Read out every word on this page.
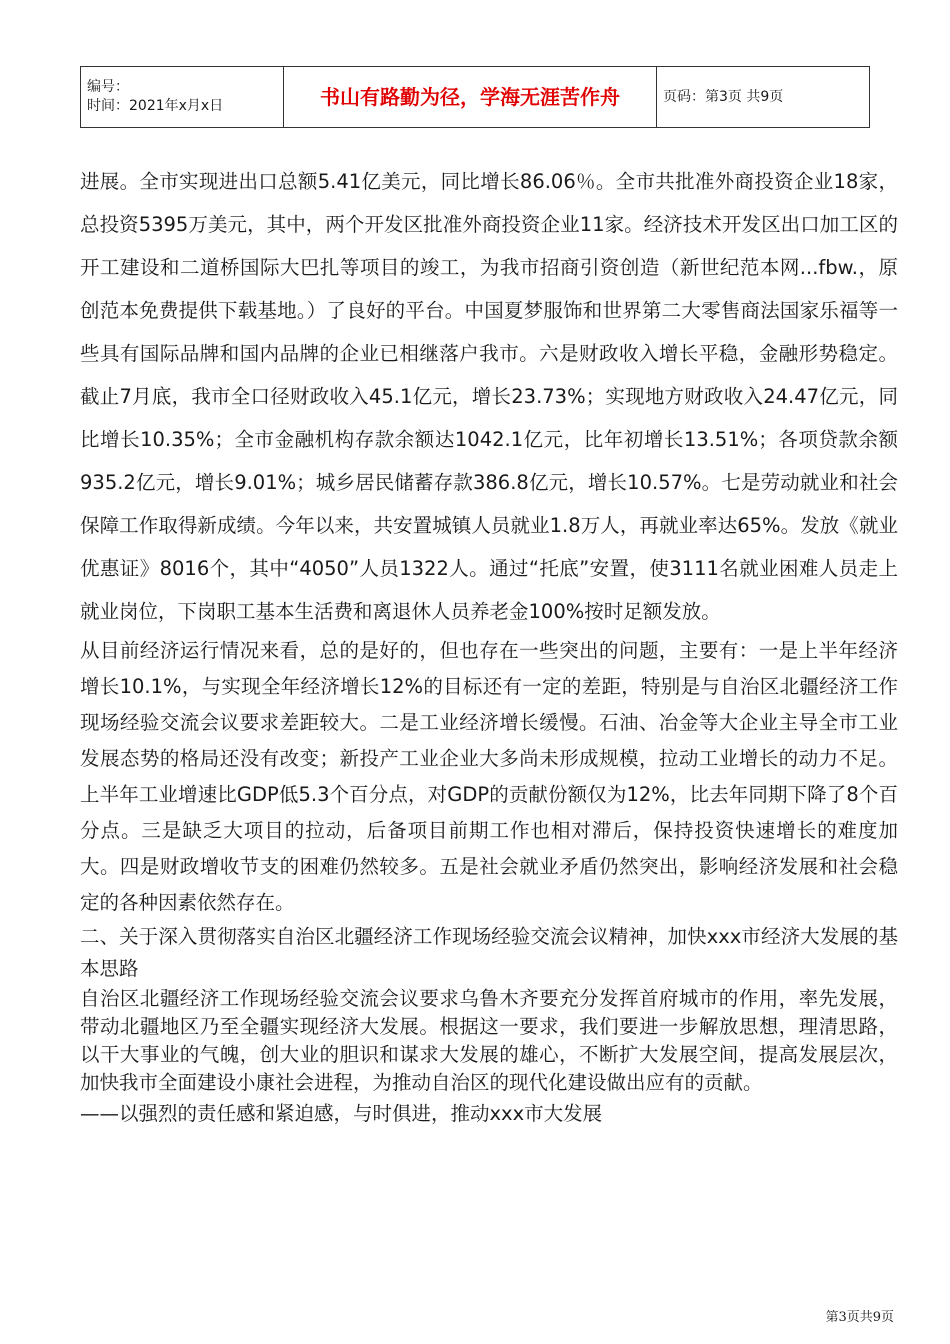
编号：
时间：2021年x月x日	书山有路勤为径，学海无涯苦作舟	页码：第3页 共9页

进展。全市实现进出口总额5.41亿美元，同比增长86.06％。全市共批准外商投资企业18家，总投资5395万美元，其中，两个开发区批准外商投资企业11家。经济技术开发区出口加工区的开工建设和二道桥国际大巴扎等项目的竣工，为我市招商引资创造（新世纪范本网...fbw.，原创范本免费提供下载基地。）了良好的平台。中国夏梦服饰和世界第二大零售商法国家乐福等一些具有国际品牌和国内品牌的企业已相继落户我市。六是财政收入增长平稳，金融形势稳定。截止7月底，我市全口径财政收入45.1亿元，增长23.73%；实现地方财政收入24.47亿元，同比增长10.35%；全市金融机构存款余额达1042.1亿元，比年初增长13.51%；各项贷款余额935.2亿元，增长9.01%；城乡居民储蓄存款386.8亿元，增长10.57%。七是劳动就业和社会保障工作取得新成绩。今年以来，共安置城镇人员就业1.8万人，再就业率达65%。发放《就业优惠证》8016个，其中“4050”人员1322人。通过“托底”安置，使3111名就业困难人员走上就业岗位，下岗职工基本生活费和离退休人员养老金100%按时足额发放。

从目前经济运行情况来看，总的是好的，但也存在一些突出的问题，主要有：一是上半年经济增长10.1%，与实现全年经济增长12%的目标还有一定的差距，特别是与自治区北疆经济工作现场经验交流会议要求差距较大。二是工业经济增长缓慢。石油、冶金等大企业主导全市工业发展态势的格局还没有改变；新投产工业企业大多尚未形成规模，拉动工业增长的动力不足。上半年工业增速比GDP低5.3个百分点，对GDP的贡献份额仅为12%，比去年同期下降了8个百分点。三是缺乏大项目的拉动，后备项目前期工作也相对滞后，保持投资快速增长的难度加大。四是财政增收节支的困难仍然较多。五是社会就业矛盾仍然突出，影响经济发展和社会稳定的各种因素依然存在。

二、关于深入贯彻落实自治区北疆经济工作现场经验交流会议精神，加快xxx市经济大发展的基本思路

自治区北疆经济工作现场经验交流会议要求乌鲁木齐要充分发挥首府城市的作用，率先发展，带动北疆地区乃至全疆实现经济大发展。根据这一要求，我们要进一步解放思想，理清思路，以干大事业的气魄，创大业的胆识和谋求大发展的雄心，不断扩大发展空间，提高发展层次，加快我市全面建设小康社会进程，为推动自治区的现代化建设做出应有的贡献。

——以强烈的责任感和紧迫感，与时俱进，推动xxx市大发展

第3页共9页
